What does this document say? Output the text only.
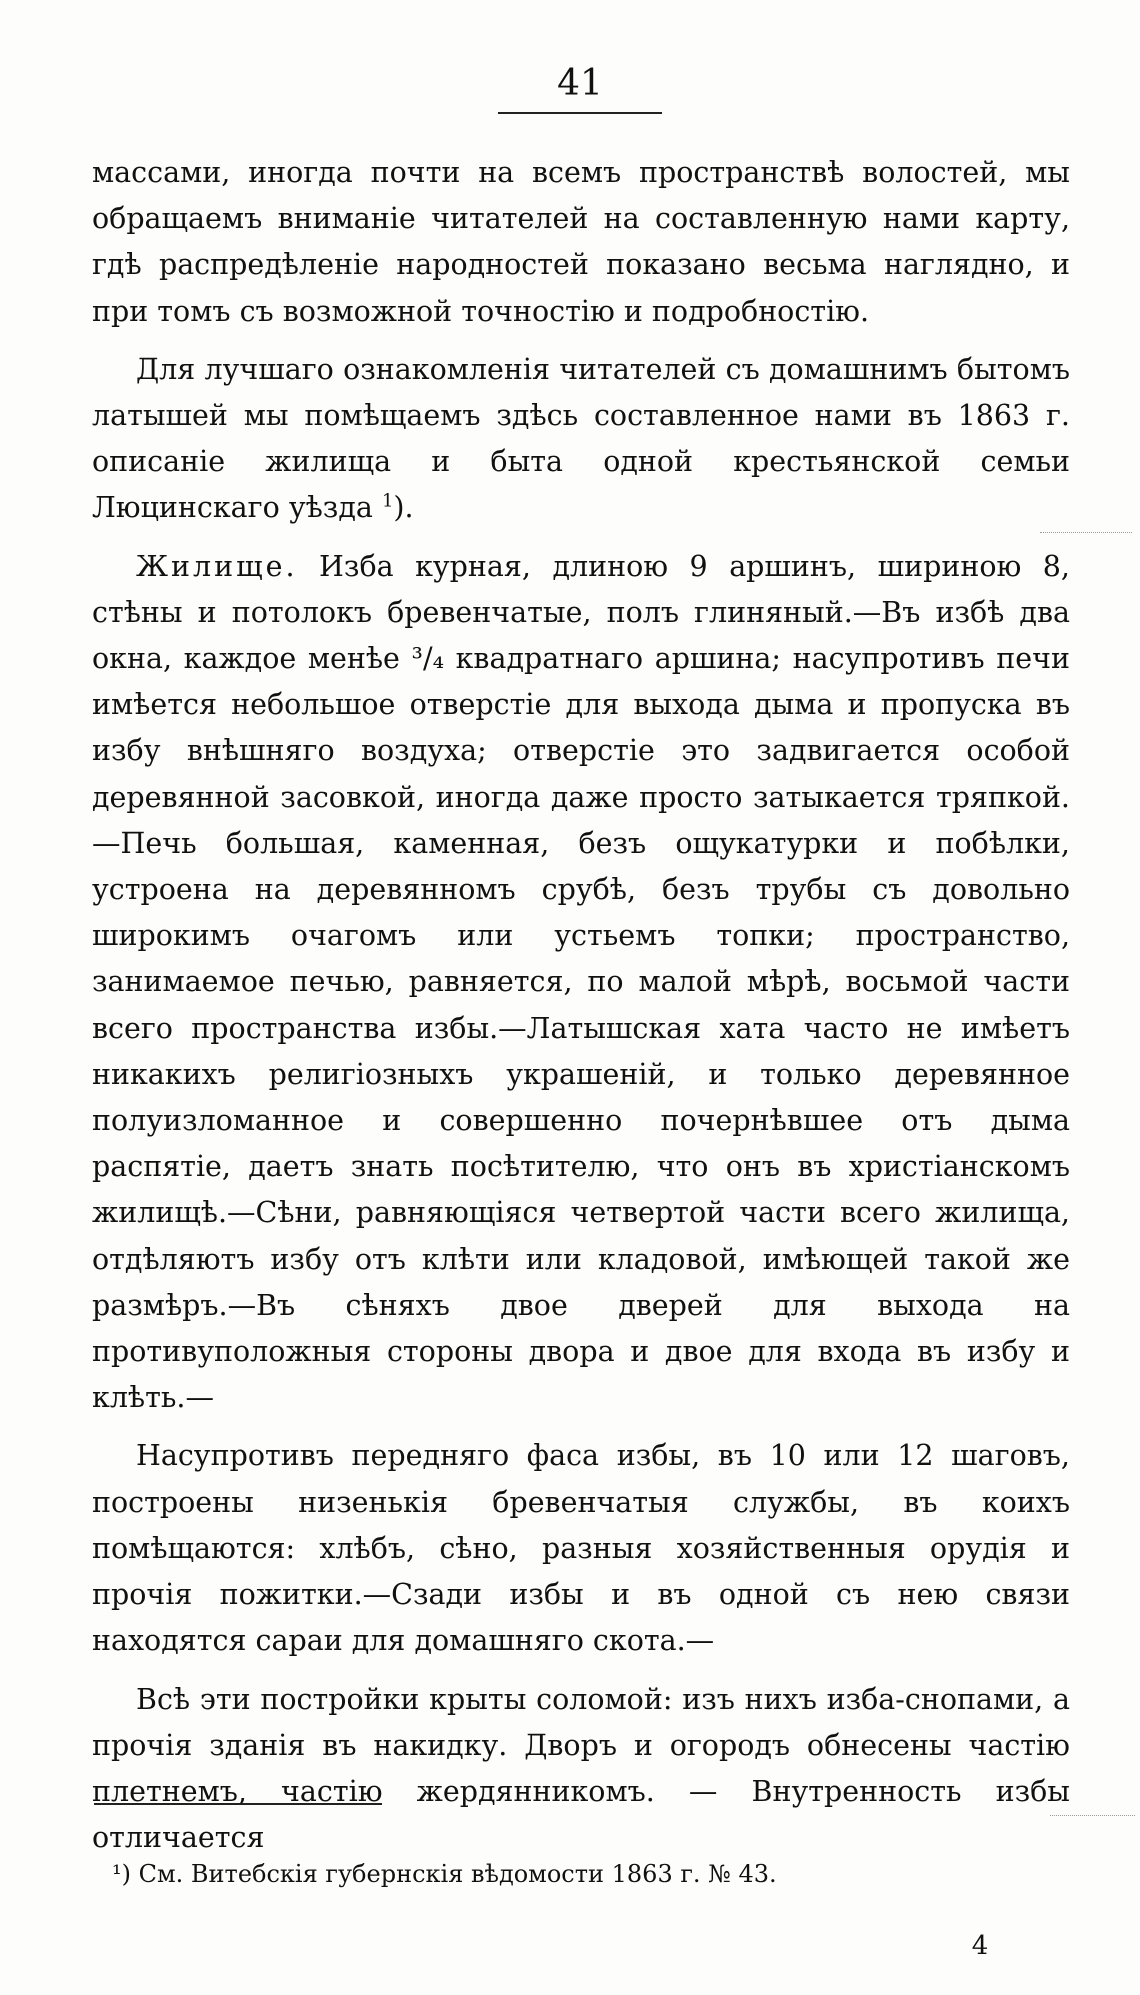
41

массами, иногда почти на всемъ пространствѣ волостей, мы обращаемъ вниманіе читателей на составленную нами карту, гдѣ распредѣленіе народностей показано весьма наглядно, и при томъ съ возможной точностію и подробностію.

Для лучшаго ознакомленія читателей съ домашнимъ бытомъ латышей мы помѣщаемъ здѣсь составленное нами въ 1863 г. описаніе жилища и быта одной крестьянской семьи Люцинскаго уѣзда $^1$).

Жилище. Изба курная, длиною 9 аршинъ, шириною 8, стѣны и потолокъ бревенчатые, полъ глиняный.—Въ избѣ два окна, каждое менѣе ³/₄ квадратнаго аршина; насупротивъ печи имѣется небольшое отверстіе для выхода дыма и пропуска въ избу внѣшняго воздуха; отверстіе это задвигается особой деревянной засовкой, иногда даже просто затыкается тряпкой.—Печь большая, каменная, безъ ощукатурки и побѣлки, устроена на деревянномъ срубѣ, безъ трубы съ довольно широкимъ очагомъ или устьемъ топки; пространство, занимаемое печью, равняется, по малой мѣрѣ, восьмой части всего пространства избы.—Латышская хата часто не имѣетъ никакихъ религіозныхъ украшеній, и только деревянное полуизломанное и совершенно почернѣвшее отъ дыма распятіе, даетъ знать посѣтителю, что онъ въ христіанскомъ жилищѣ.—Сѣни, равняющіяся четвертой части всего жилища, отдѣляютъ избу отъ клѣти или кладовой, имѣющей такой же размѣръ.—Въ сѣняхъ двое дверей для выхода на противуположныя стороны двора и двое для входа въ избу и клѣть.—

Насупротивъ передняго фаса избы, въ 10 или 12 шаговъ, построены низенькія бревенчатыя службы, въ коихъ помѣщаются: хлѣбъ, сѣно, разныя хозяйственныя орудія и прочія пожитки.—Сзади избы и въ одной съ нею связи находятся сараи для домашняго скота.—

Всѣ эти постройки крыты соломой: изъ нихъ изба-снопами, а прочія зданія въ накидку. Дворъ и огородъ обнесены частію плетнемъ, частію жердянникомъ. — Внутренность избы отличается

¹) См. Витебскія губернскія вѣдомости 1863 г. № 43.
4
